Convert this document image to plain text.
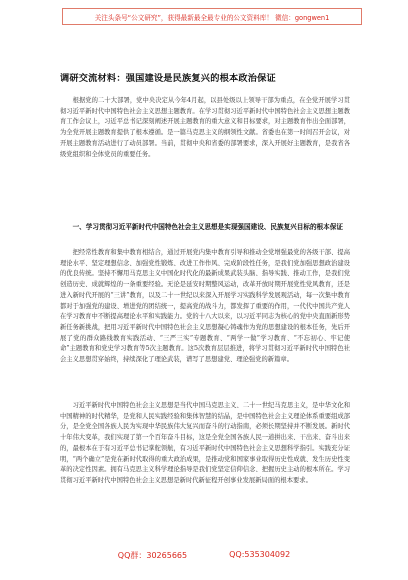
关注头条号“公文研究”，获得最新最全最专业的公文资料库！ 微信：gongwen1
调研交流材料：强国建设是民族复兴的根本政治保证

根据党的二十大部署，党中央决定从今年4月起，以县处级以上领导干部为重点，在全党开展学习贯彻习近平新时代中国特色社会主义思想主题教育。在学习贯彻习近平新时代中国特色社会主义思想主题教育工作会议上，习近平总书记深刻阐述开展主题教育的重大意义和目标要求，对主题教育作出全面部署，为全党开展主题教育提供了根本遵循。是一篇马克思主义的纲领性文献。省委也在第一时间召开会议，对开展主题教育活动进行了动员部署。当前，贯彻中央和省委的部署要求，深入开展好主题教育，是我省各级党组织和全体党员的重要任务。

一、学习贯彻习近平新时代中国特色社会主义思想是实现强国建设、民族复兴目标的根本保证

把经常性教育和集中教育相结合，通过开展党内集中教育引导和推动全党增强最党的各级干部、提高理论水平、坚定理想信念、加强党性锻炼、改进工作作风、完成阶段性任务，是我们党加强思想政治建设的优良传统。坚持不懈用马克思主义中国化时代化的最新成果武装头脑、指导实践、推动工作，是我们党创造历史、成就辉煌的一条重要经验。无论是延安时期整风运动，改革开放时期开展党性党风教育，还是进入新时代开展的“三讲”教育，以及二十一世纪以来深入开展学习实践科学发展观活动，每一次集中教育都对于加强党的建设、增进党的团结统一，提高党的战斗力，都发挥了重要的作用，一代代中国共产党人在学习教育中不断提高理论水平和实践能力。党的十八大以来，以习近平同志为核心的党中央直面新形势新任务新挑战，把用习近平新时代中国特色社会主义思想凝心铸魂作为党的思想建设的根本任务，先后开展了党的群众路线教育实践活动、“三严三实”专题教育、“两学一做”学习教育、“不忘初心、牢记使命”主题教育和党史学习教育等5次主题教育。这5次教育层层推进，将学习贯彻习近平新时代中国特色社会主义思想贯穿始终，持续深化了理论武装，谱写了思想建党、理论强党的新篇章。

习近平新时代中国特色社会主义思想是当代中国马克思主义、二十一世纪马克思主义，是中华文化和中国精神的时代精华，是党和人民实践经验和集体智慧的结晶，是中国特色社会主义理论体系重要组成部分，是全党全国各族人民为实现中华民族伟大复兴而奋斗的行动指南，必须长期坚持并不断发展。新时代十年伟大变革，我们实现了第一个百年奋斗目标，这是全党全国各族人民一道拼出来、干出来、奋斗出来的，最根本在于有习近平总书记掌舵领航，有习近平新时代中国特色社会主义思想科学指引。实践充分证明，“两个确立”是党在新时代取得的重大政治成果，是推动党和国家事业取得历史性成就、发生历史性变革的决定性因素。拥有马克思主义科学理论指导是我们党坚定信仰信念、把握历史主动的根本所在。学习贯彻习近平新时代中国特色社会主义思想是新时代新征程开创事业发展新局面的根本要求。

QQ群：30265665	QQ:535304092
